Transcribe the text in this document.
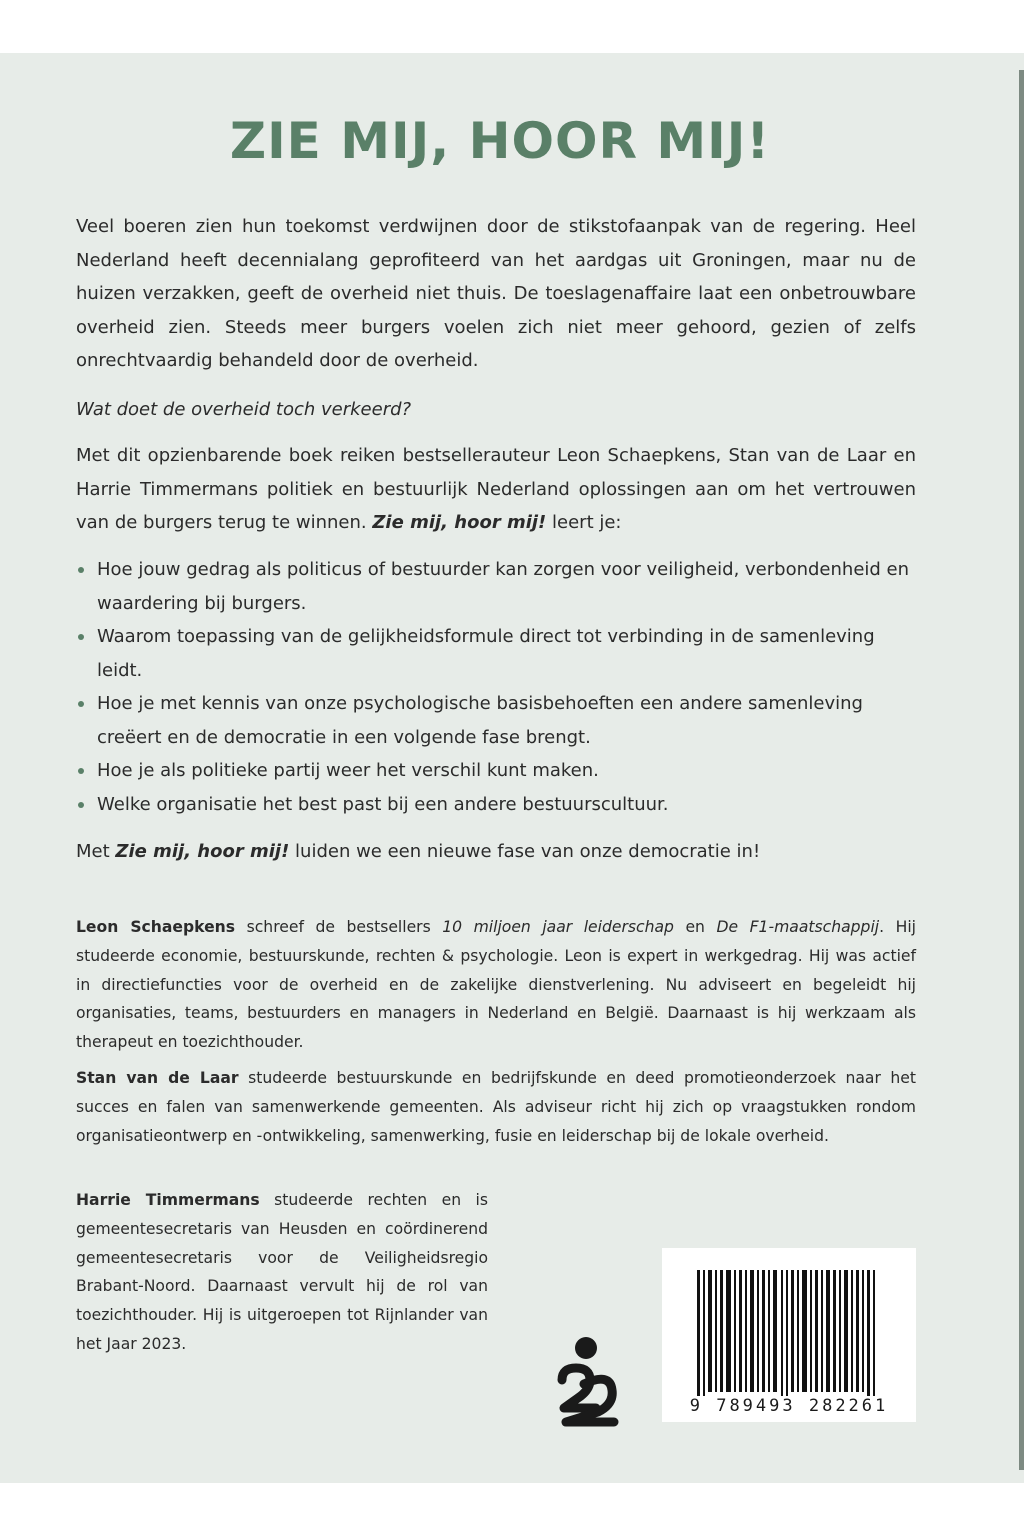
ZIE MIJ, HOOR MIJ!

Veel boeren zien hun toekomst verdwijnen door de stikstofaanpak van de regering. Heel Nederland heeft decennialang geprofiteerd van het aardgas uit Groningen, maar nu de huizen verzakken, geeft de overheid niet thuis. De toeslagenaffaire laat een onbetrouwbare overheid zien. Steeds meer burgers voelen zich niet meer gehoord, gezien of zelfs onrechtvaardig behandeld door de overheid.

Wat doet de overheid toch verkeerd?

Met dit opzienbarende boek reiken bestsellerauteur Leon Schaepkens, Stan van de Laar en Harrie Timmermans politiek en bestuurlijk Nederland oplossingen aan om het vertrouwen van de burgers terug te winnen. Zie mij, hoor mij! leert je:

Hoe jouw gedrag als politicus of bestuurder kan zorgen voor veiligheid, verbondenheid en waardering bij burgers.
Waarom toepassing van de gelijkheidsformule direct tot verbinding in de samenleving leidt.
Hoe je met kennis van onze psychologische basisbehoeften een andere samenleving creëert en de democratie in een volgende fase brengt.
Hoe je als politieke partij weer het verschil kunt maken.
Welke organisatie het best past bij een andere bestuurscultuur.

Met Zie mij, hoor mij! luiden we een nieuwe fase van onze democratie in!

Leon Schaepkens schreef de bestsellers 10 miljoen jaar leiderschap en De F1-maatschappij. Hij studeerde economie, bestuurskunde, rechten & psychologie. Leon is expert in werkgedrag. Hij was actief in directiefuncties voor de overheid en de zakelijke dienstverlening. Nu adviseert en begeleidt hij organisaties, teams, bestuurders en managers in Nederland en België. Daarnaast is hij werkzaam als therapeut en toezichthouder.

Stan van de Laar studeerde bestuurskunde en bedrijfskunde en deed promotieonderzoek naar het succes en falen van samenwerkende gemeenten. Als adviseur richt hij zich op vraagstukken rondom organisatieontwerp en -ontwikkeling, samenwerking, fusie en leiderschap bij de lokale overheid.

Harrie Timmermans studeerde rechten en is gemeentesecretaris van Heusden en coördinerend gemeentesecretaris voor de Veiligheidsregio Brabant-Noord. Daarnaast vervult hij de rol van toezichthouder. Hij is uitgeroepen tot Rijnlander van het Jaar 2023.

9 789493 282261
